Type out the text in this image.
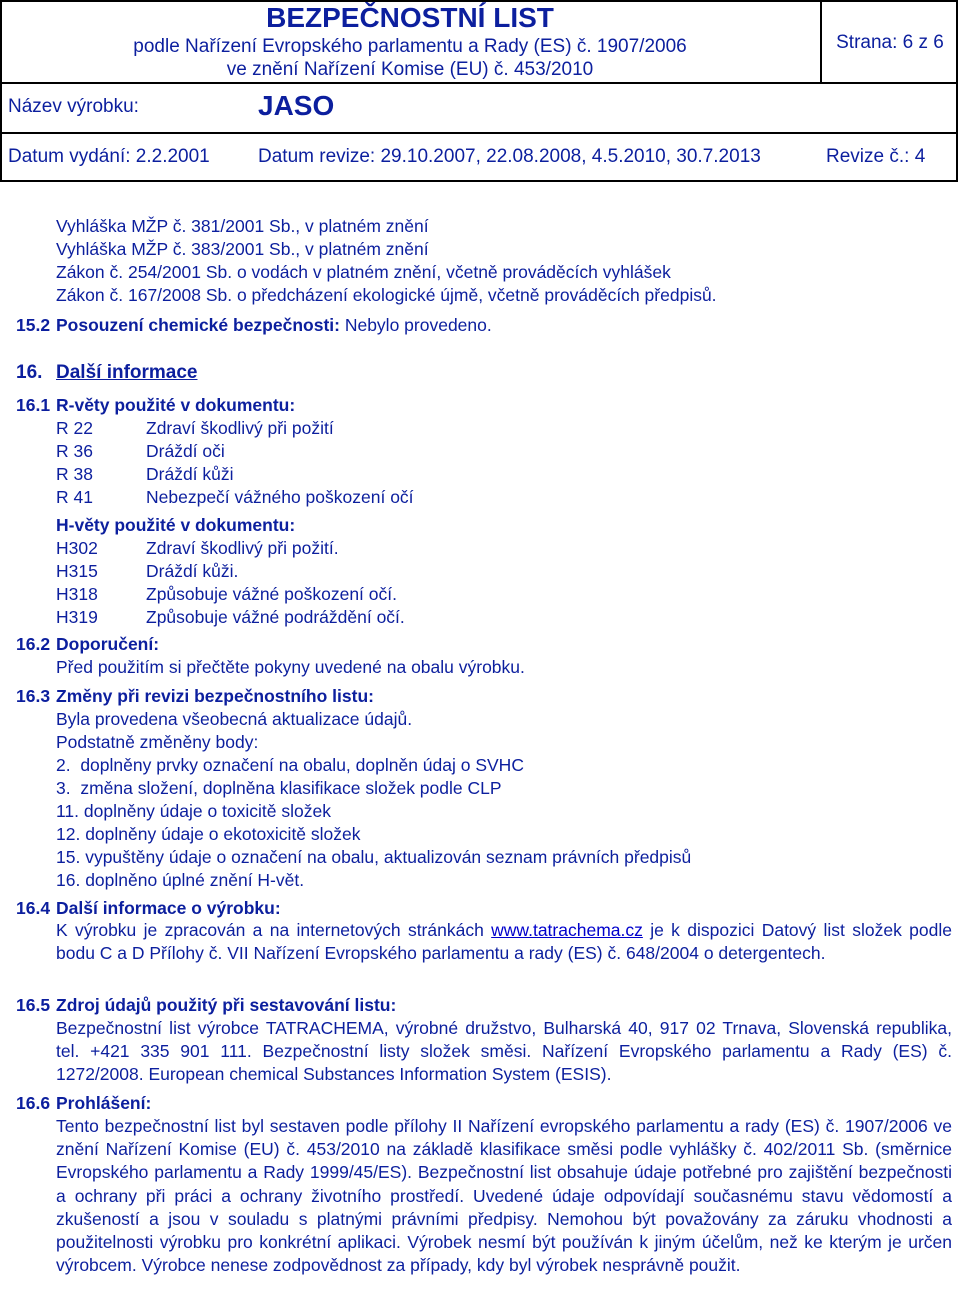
BEZPEČNOSTNÍ LIST
podle Nařízení Evropského parlamentu a Rady (ES) č. 1907/2006
ve znění Nařízení Komise (EU) č. 453/2010
Strana: 6 z 6
Název výrobku:	JASO
Datum vydání: 2.2.2001	Datum revize: 29.10.2007, 22.08.2008, 4.5.2010, 30.7.2013	Revize č.: 4
Vyhláška MŽP č. 381/2001 Sb., v platném znění
Vyhláška MŽP č. 383/2001 Sb., v platném znění
Zákon č. 254/2001 Sb. o vodách v platném znění, včetně prováděcích vyhlášek
Zákon č. 167/2008 Sb. o předcházení ekologické újmě, včetně prováděcích předpisů.
15.2 Posouzení chemické bezpečnosti: Nebylo provedeno.
16. Další informace
16.1 R-věty použité v dokumentu:
R 22	Zdraví škodlivý při požití
R 36	Dráždí oči
R 38	Dráždí kůži
R 41	Nebezpečí vážného poškození očí
H-věty použité v dokumentu:
H302	Zdraví škodlivý při požití.
H315	Dráždí kůži.
H318	Způsobuje vážné poškození očí.
H319	Způsobuje vážné podráždění očí.
16.2 Doporučení:
Před použitím si přečtěte pokyny uvedené na obalu výrobku.
16.3 Změny při revizi bezpečnostního listu:
Byla provedena všeobecná aktualizace údajů.
Podstatně změněny body:
2.  doplněny prvky označení na obalu, doplněn údaj o SVHC
3.  změna složení, doplněna klasifikace složek podle CLP
11. doplněny údaje o toxicitě složek
12. doplněny údaje o ekotoxicitě složek
15. vypuštěny údaje o označení na obalu, aktualizován seznam právních předpisů
16. doplněno úplné znění H-vět.
16.4 Další informace o výrobku:
K výrobku je zpracován a na internetových stránkách www.tatrachema.cz je k dispozici Datový list složek podle bodu C a D Přílohy č. VII Nařízení Evropského parlamentu a rady (ES) č. 648/2004 o detergentech.
16.5 Zdroj údajů použitý při sestavování listu:
Bezpečnostní list výrobce TATRACHEMA, výrobné družstvo, Bulharská 40, 917 02 Trnava, Slovenská republika, tel. +421 335 901 111. Bezpečnostní listy složek směsi. Nařízení Evropského parlamentu a Rady (ES) č. 1272/2008. European chemical Substances Information System (ESIS).
16.6 Prohlášení:
Tento bezpečnostní list byl sestaven podle přílohy II Nařízení evropského parlamentu a rady (ES) č. 1907/2006 ve znění Nařízení Komise (EU) č. 453/2010 na základě klasifikace směsi podle vyhlášky č. 402/2011 Sb. (směrnice Evropského parlamentu a Rady 1999/45/ES). Bezpečnostní list obsahuje údaje potřebné pro zajištění bezpečnosti a ochrany při práci a ochrany životního prostředí. Uvedené údaje odpovídají současnému stavu vědomostí a zkušeností a jsou v souladu s platnými právními předpisy. Nemohou být považovány za záruku vhodnosti a použitelnosti výrobku pro konkrétní aplikaci. Výrobek nesmí být používán k jiným účelům, než ke kterým je určen výrobcem. Výrobce nenese zodpovědnost za případy, kdy byl výrobek nesprávně použit.
